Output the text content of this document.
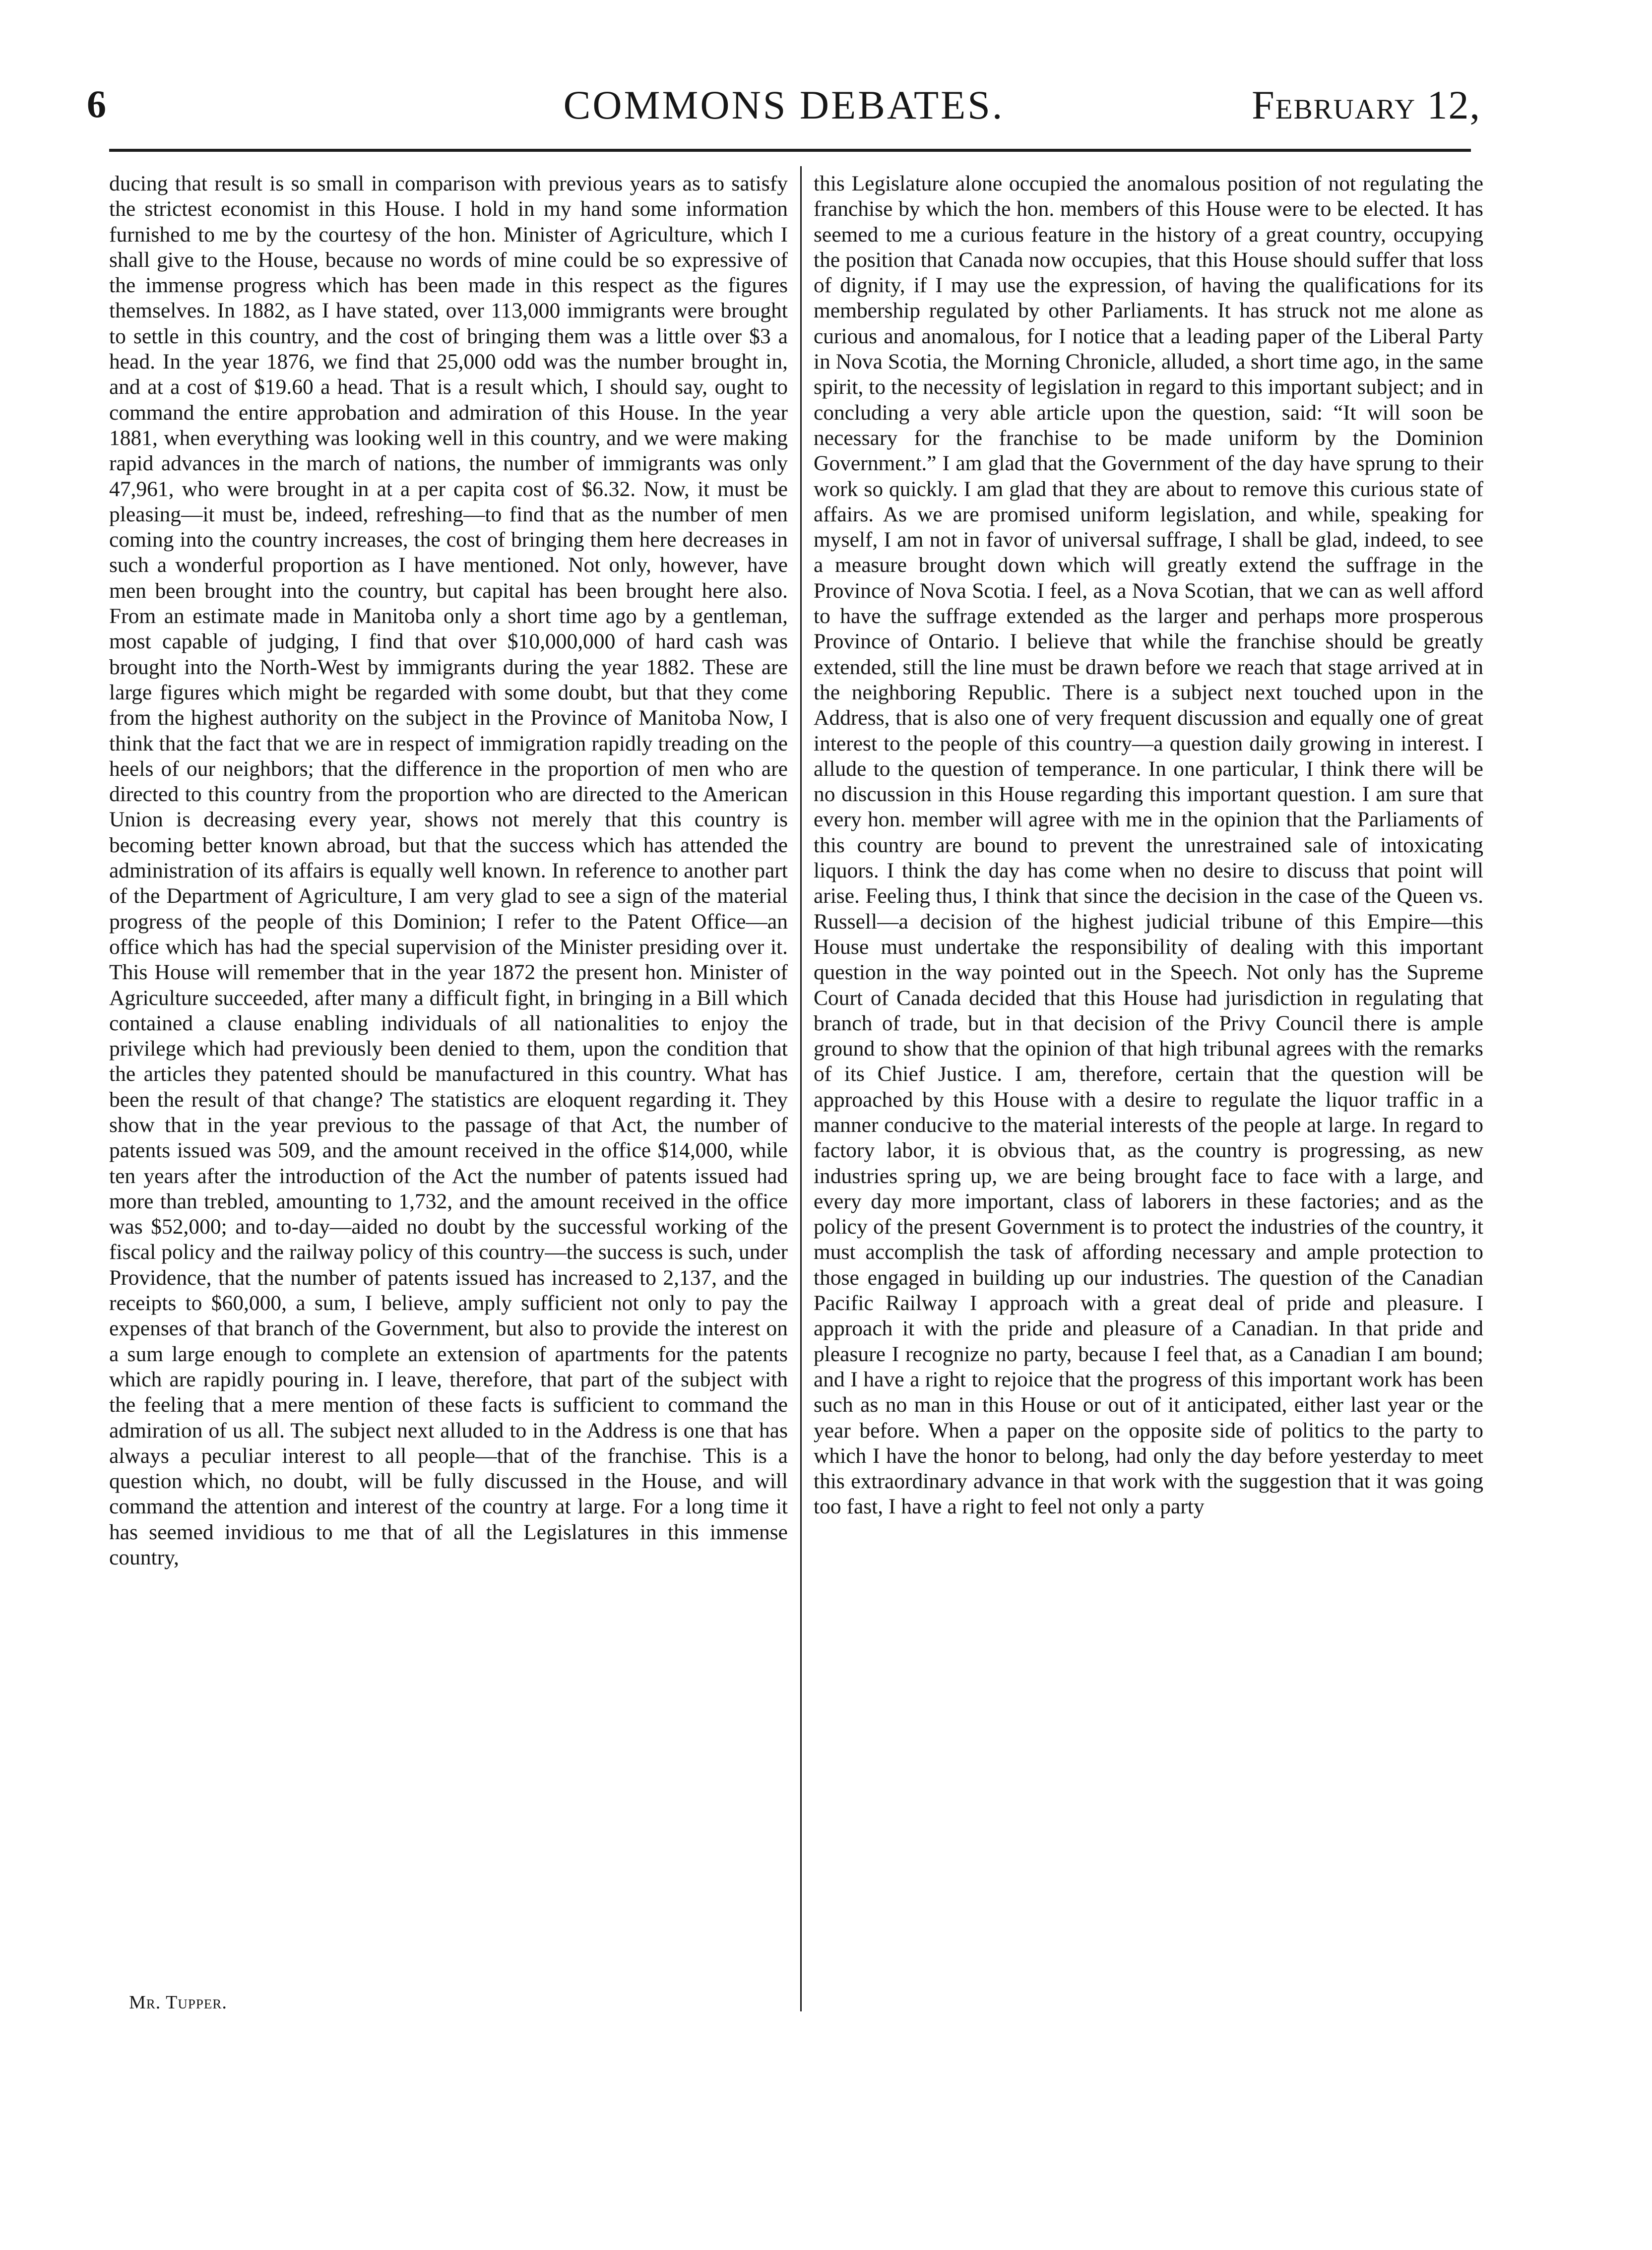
6	COMMONS DEBATES.	February 12,

ducing that result is so small in comparison with previous years as to satisfy the strictest economist in this House. I hold in my hand some information furnished to me by the courtesy of the hon. Minister of Agriculture, which I shall give to the House, because no words of mine could be so expressive of the immense progress which has been made in this respect as the figures themselves. In 1882, as I have stated, over 113,000 immigrants were brought to settle in this country, and the cost of bringing them was a little over $3 a head. In the year 1876, we find that 25,000 odd was the number brought in, and at a cost of $19.60 a head. That is a result which, I should say, ought to command the entire approbation and admiration of this House. In the year 1881, when everything was looking well in this country, and we were making rapid advances in the march of nations, the number of immigrants was only 47,961, who were brought in at a per capita cost of $6.32. Now, it must be pleasing—it must be, indeed, refreshing—to find that as the number of men coming into the country increases, the cost of bringing them here decreases in such a wonderful proportion as I have mentioned. Not only, however, have men been brought into the country, but capital has been brought here also. From an estimate made in Manitoba only a short time ago by a gentleman, most capable of judging, I find that over $10,000,000 of hard cash was brought into the North-West by immigrants during the year 1882. These are large figures which might be regarded with some doubt, but that they come from the highest authority on the subject in the Province of Manitoba Now, I think that the fact that we are in respect of immigration rapidly treading on the heels of our neighbors; that the difference in the proportion of men who are directed to this country from the proportion who are directed to the American Union is decreasing every year, shows not merely that this country is becoming better known abroad, but that the success which has attended the administration of its affairs is equally well known. In reference to another part of the Department of Agriculture, I am very glad to see a sign of the material progress of the people of this Dominion; I refer to the Patent Office—an office which has had the special supervision of the Minister presiding over it. This House will remember that in the year 1872 the present hon. Minister of Agriculture succeeded, after many a difficult fight, in bringing in a Bill which contained a clause enabling individuals of all nationalities to enjoy the privilege which had previously been denied to them, upon the condition that the articles they patented should be manufactured in this country. What has been the result of that change? The statistics are eloquent regarding it. They show that in the year previous to the passage of that Act, the number of patents issued was 509, and the amount received in the office $14,000, while ten years after the introduction of the Act the number of patents issued had more than trebled, amounting to 1,732, and the amount received in the office was $52,000; and to-day—aided no doubt by the successful working of the fiscal policy and the railway policy of this country—the success is such, under Providence, that the number of patents issued has increased to 2,137, and the receipts to $60,000, a sum, I believe, amply sufficient not only to pay the expenses of that branch of the Government, but also to provide the interest on a sum large enough to complete an extension of apartments for the patents which are rapidly pouring in. I leave, therefore, that part of the subject with the feeling that a mere mention of these facts is sufficient to command the admiration of us all. The subject next alluded to in the Address is one that has always a peculiar interest to all people—that of the franchise. This is a question which, no doubt, will be fully discussed in the House, and will command the attention and interest of the country at large. For a long time it has seemed invidious to me that of all the Legislatures in this immense country,

this Legislature alone occupied the anomalous position of not regulating the franchise by which the hon. members of this House were to be elected. It has seemed to me a curious feature in the history of a great country, occupying the position that Canada now occupies, that this House should suffer that loss of dignity, if I may use the expression, of having the qualifications for its membership regulated by other Parliaments. It has struck not me alone as curious and anomalous, for I notice that a leading paper of the Liberal Party in Nova Scotia, the Morning Chronicle, alluded, a short time ago, in the same spirit, to the necessity of legislation in regard to this important subject; and in concluding a very able article upon the question, said: “It will soon be necessary for the franchise to be made uniform by the Dominion Government.” I am glad that the Government of the day have sprung to their work so quickly. I am glad that they are about to remove this curious state of affairs. As we are promised uniform legislation, and while, speaking for myself, I am not in favor of universal suffrage, I shall be glad, indeed, to see a measure brought down which will greatly extend the suffrage in the Province of Nova Scotia. I feel, as a Nova Scotian, that we can as well afford to have the suffrage extended as the larger and perhaps more prosperous Province of Ontario. I believe that while the franchise should be greatly extended, still the line must be drawn before we reach that stage arrived at in the neighboring Republic. There is a subject next touched upon in the Address, that is also one of very frequent discussion and equally one of great interest to the people of this country—a question daily growing in interest. I allude to the question of temperance. In one particular, I think there will be no discussion in this House regarding this important question. I am sure that every hon. member will agree with me in the opinion that the Parliaments of this country are bound to prevent the unrestrained sale of intoxicating liquors. I think the day has come when no desire to discuss that point will arise. Feeling thus, I think that since the decision in the case of the Queen vs. Russell—a decision of the highest judicial tribune of this Empire—this House must undertake the responsibility of dealing with this important question in the way pointed out in the Speech. Not only has the Supreme Court of Canada decided that this House had jurisdiction in regulating that branch of trade, but in that decision of the Privy Council there is ample ground to show that the opinion of that high tribunal agrees with the remarks of its Chief Justice. I am, therefore, certain that the question will be approached by this House with a desire to regulate the liquor traffic in a manner conducive to the material interests of the people at large. In regard to factory labor, it is obvious that, as the country is progressing, as new industries spring up, we are being brought face to face with a large, and every day more important, class of laborers in these factories; and as the policy of the present Government is to protect the industries of the country, it must accomplish the task of affording necessary and ample protection to those engaged in building up our industries. The question of the Canadian Pacific Railway I approach with a great deal of pride and pleasure. I approach it with the pride and pleasure of a Canadian. In that pride and pleasure I recognize no party, because I feel that, as a Canadian I am bound; and I have a right to rejoice that the progress of this important work has been such as no man in this House or out of it anticipated, either last year or the year before. When a paper on the opposite side of politics to the party to which I have the honor to belong, had only the day before yesterday to meet this extraordinary advance in that work with the suggestion that it was going too fast, I have a right to feel not only a party

Mr. Tupper.
